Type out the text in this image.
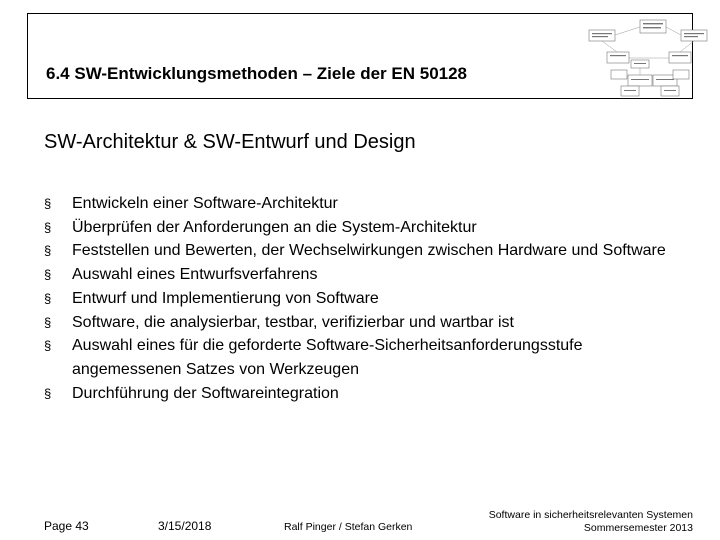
6.4 SW-Entwicklungsmethoden – Ziele der EN 50128
SW-Architektur & SW-Entwurf und Design
§ Entwickeln einer Software-Architektur
§ Überprüfen der Anforderungen an die System-Architektur
§ Feststellen und Bewerten, der Wechselwirkungen zwischen Hardware und Software
§ Auswahl eines Entwurfsverfahrens
§ Entwurf und Implementierung von Software
§ Software, die analysierbar, testbar, verifizierbar und wartbar ist
§ Auswahl eines für die geforderte Software-Sicherheitsanforderungsstufe angemessenen Satzes von Werkzeugen
§ Durchführung der Softwareintegration
Page 43	3/15/2018	Ralf Pinger / Stefan Gerken
Software in sicherheitsrelevanten Systemen
Sommersemester 2013
